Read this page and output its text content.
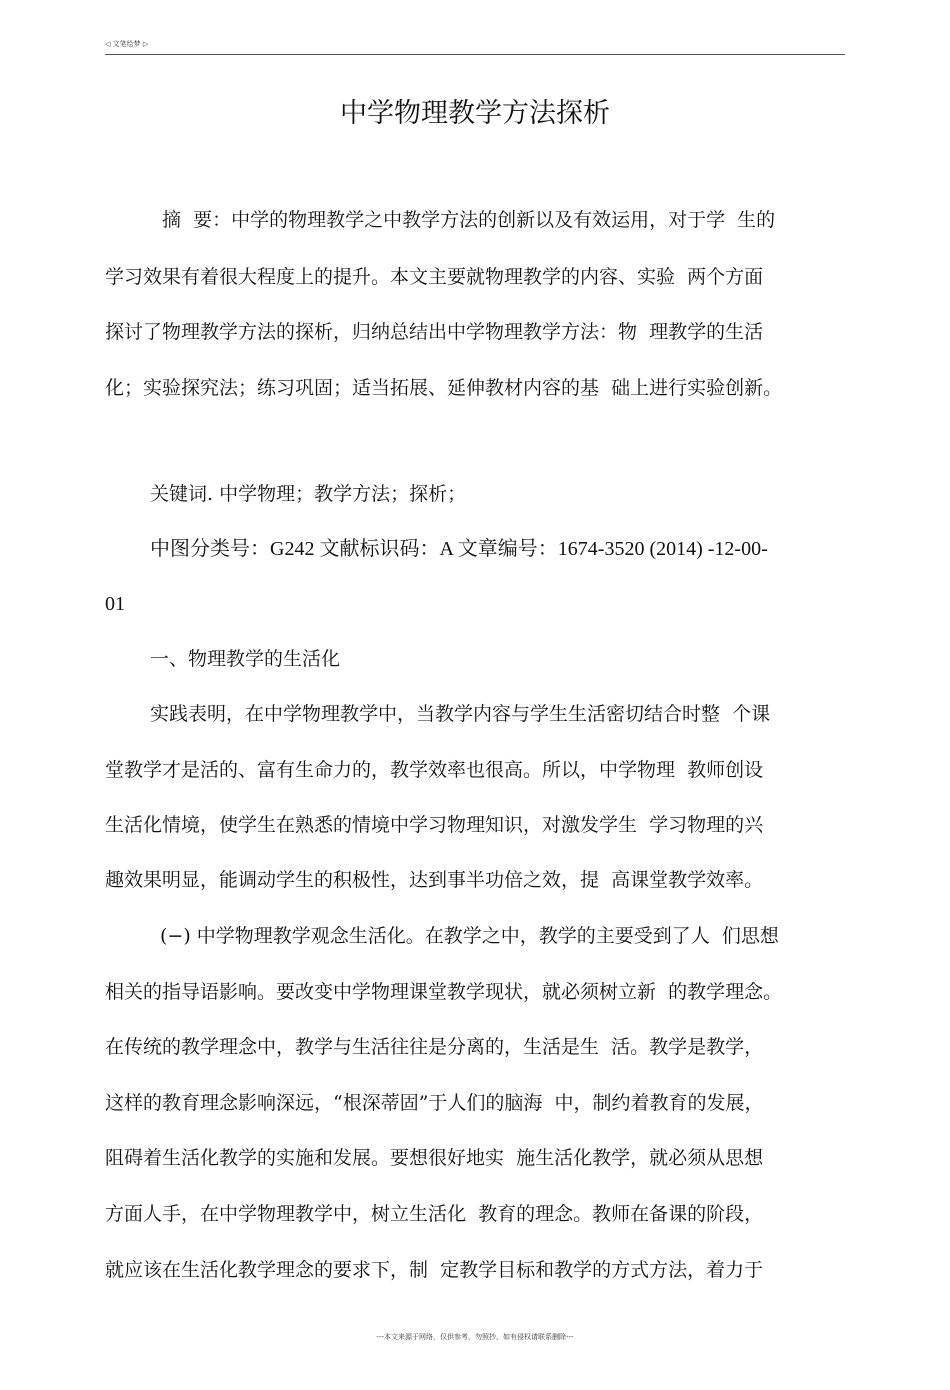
◁ 文笔绘梦 ▷
中学物理教学方法探析
摘  要：中学的物理教学之中教学方法的创新以及有效运用，对于学  生的
学习效果有着很大程度上的提升。本文主要就物理教学的内容、实验  两个方面
探讨了物理教学方法的探析，归纳总结出中学物理教学方法：物  理教学的生活
化；实验探究法；练习巩固；适当拓展、延伸教材内容的基  础上进行实验创新。
关键词. 中学物理；教学方法；探析；
中图分类号：G242 文献标识码：A 文章编号：1674-3520 (2014) -12-00-
01
一、物理教学的生活化
实践表明，在中学物理教学中，当教学内容与学生生活密切结合时整  个课
堂教学才是活的、富有生命力的，教学效率也很高。所以，中学物理  教师创设
生活化情境，使学生在熟悉的情境中学习物理知识，对激发学生  学习物理的兴
趣效果明显，能调动学生的积极性，达到事半功倍之效，提  高课堂教学效率。
(−) 中学物理教学观念生活化。在教学之中，教学的主要受到了人  们思想
相关的指导语影响。要改变中学物理课堂教学现状，就必须树立新  的教学理念。
在传统的教学理念中，教学与生活往往是分离的，生活是生  活。教学是教学，
这样的教育理念影响深远，“根深蒂固”于人们的脑海  中，制约着教育的发展，
阻碍着生活化教学的实施和发展。要想很好地实  施生活化教学，就必须从思想
方面人手，在中学物理教学中，树立生活化  教育的理念。教师在备课的阶段，
就应该在生活化教学理念的要求下，制  定教学目标和教学的方式方法，着力于
---本文来源于网络，仅供参考，勿照抄，如有侵权请联系删除---
